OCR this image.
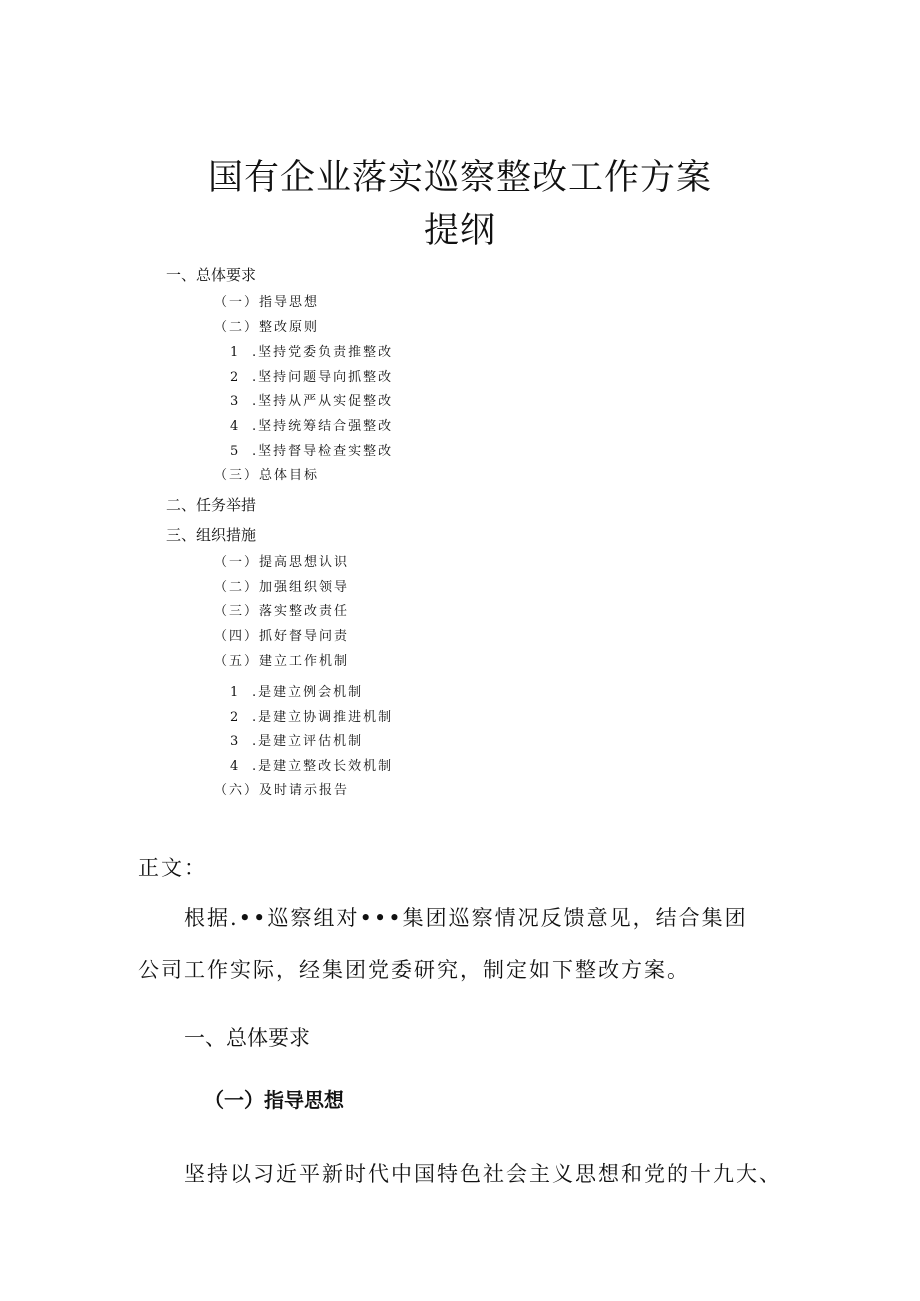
国有企业落实巡察整改工作方案
提纲
一、总体要求
（一）指导思想
（二）整改原则
1 .坚持党委负责推整改
2 .坚持问题导向抓整改
3 .坚持从严从实促整改
4 .坚持统筹结合强整改
5 .坚持督导检查实整改
（三）总体目标
二、任务举措
三、组织措施
（一）提高思想认识
（二）加强组织领导
（三）落实整改责任
（四）抓好督导问责
（五）建立工作机制
1 .是建立例会机制
2 .是建立协调推进机制
3 .是建立评估机制
4 .是建立整改长效机制
（六）及时请示报告
正文：
根据.••巡察组对•••集团巡察情况反馈意见，结合集团
公司工作实际，经集团党委研究，制定如下整改方案。
一、总体要求
（一）指导思想
坚持以习近平新时代中国特色社会主义思想和党的十九大、
